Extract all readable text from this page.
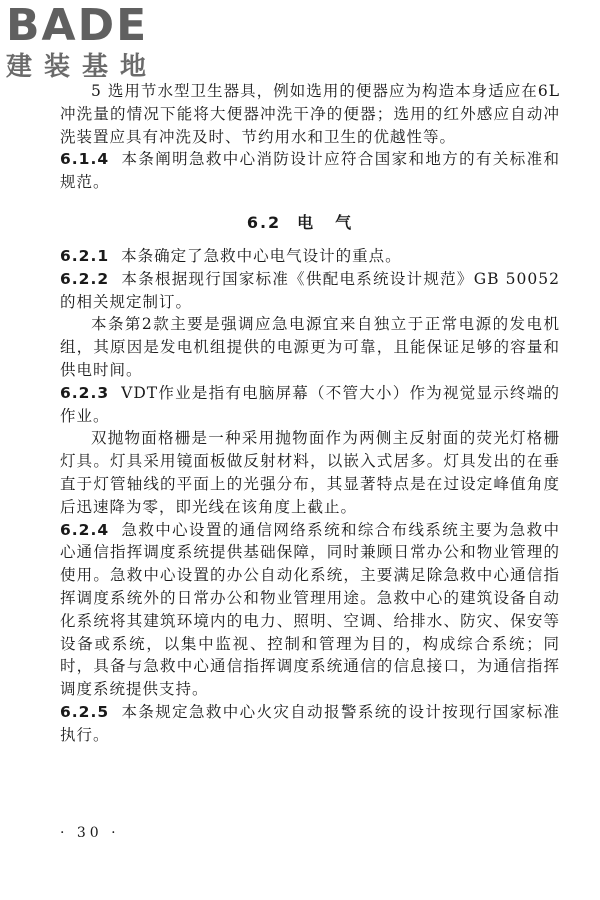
BADE
建装基地

5 选用节水型卫生器具，例如选用的便器应为构造本身适应在6L冲洗量的情况下能将大便器冲洗干净的便器；选用的红外感应自动冲洗装置应具有冲洗及时、节约用水和卫生的优越性等。

6.1.4 本条阐明急救中心消防设计应符合国家和地方的有关标准和规范。

6.2 电气

6.2.1 本条确定了急救中心电气设计的重点。

6.2.2 本条根据现行国家标准《供配电系统设计规范》GB 50052的相关规定制订。

本条第2款主要是强调应急电源宜来自独立于正常电源的发电机组，其原因是发电机组提供的电源更为可靠，且能保证足够的容量和供电时间。

6.2.3 VDT作业是指有电脑屏幕（不管大小）作为视觉显示终端的作业。

双抛物面格栅是一种采用抛物面作为两侧主反射面的荧光灯格栅灯具。灯具采用镜面板做反射材料，以嵌入式居多。灯具发出的在垂直于灯管轴线的平面上的光强分布，其显著特点是在过设定峰值角度后迅速降为零，即光线在该角度上截止。

6.2.4 急救中心设置的通信网络系统和综合布线系统主要为急救中心通信指挥调度系统提供基础保障，同时兼顾日常办公和物业管理的使用。急救中心设置的办公自动化系统，主要满足除急救中心通信指挥调度系统外的日常办公和物业管理用途。急救中心的建筑设备自动化系统将其建筑环境内的电力、照明、空调、给排水、防灾、保安等设备或系统，以集中监视、控制和管理为目的，构成综合系统；同时，具备与急救中心通信指挥调度系统通信的信息接口，为通信指挥调度系统提供支持。

6.2.5 本条规定急救中心火灾自动报警系统的设计按现行国家标准执行。

· 30 ·
